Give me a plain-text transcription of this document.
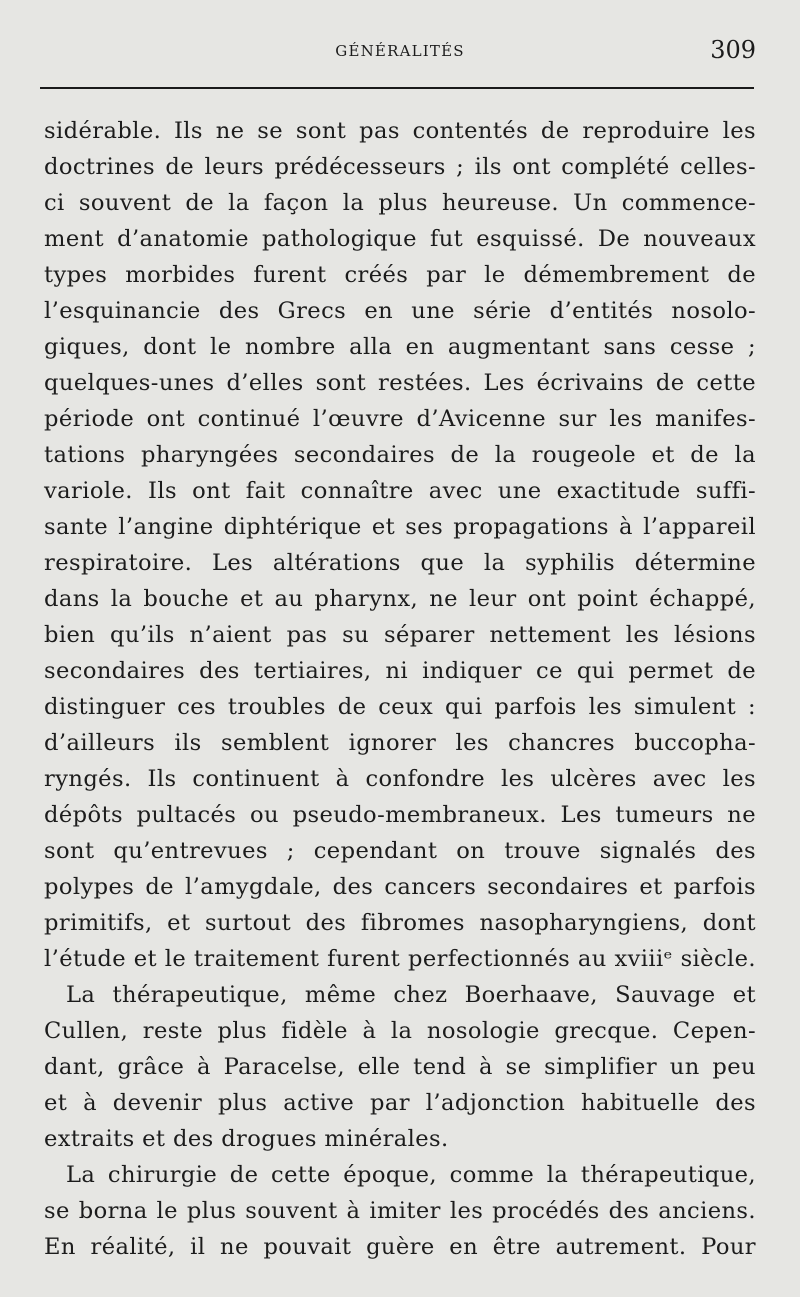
GÉNÉRALITÉS	309
sidérable. Ils ne se sont pas contentés de reproduire les
doctrines de leurs prédécesseurs ; ils ont complété celles-
ci souvent de la façon la plus heureuse. Un commence-
ment d’anatomie pathologique fut esquissé. De nouveaux
types morbides furent créés par le démembrement de
l’esquinancie des Grecs en une série d’entités nosolo-
giques, dont le nombre alla en augmentant sans cesse ;
quelques-unes d’elles sont restées. Les écrivains de cette
période ont continué l’œuvre d’Avicenne sur les manifes-
tations pharyngées secondaires de la rougeole et de la
variole. Ils ont fait connaître avec une exactitude suffi-
sante l’angine diphtérique et ses propagations à l’appareil
respiratoire. Les altérations que la syphilis détermine
dans la bouche et au pharynx, ne leur ont point échappé,
bien qu’ils n’aient pas su séparer nettement les lésions
secondaires des tertiaires, ni indiquer ce qui permet de
distinguer ces troubles de ceux qui parfois les simulent :
d’ailleurs ils semblent ignorer les chancres buccopha-
ryngés. Ils continuent à confondre les ulcères avec les
dépôts pultacés ou pseudo-membraneux. Les tumeurs ne
sont qu’entrevues ; cependant on trouve signalés des
polypes de l’amygdale, des cancers secondaires et parfois
primitifs, et surtout des fibromes nasopharyngiens, dont
l’étude et le traitement furent perfectionnés au xviiiᵉ siècle.
La thérapeutique, même chez Boerhaave, Sauvage et
Cullen, reste plus fidèle à la nosologie grecque. Cepen-
dant, grâce à Paracelse, elle tend à se simplifier un peu
et à devenir plus active par l’adjonction habituelle des
extraits et des drogues minérales.
La chirurgie de cette époque, comme la thérapeutique,
se borna le plus souvent à imiter les procédés des anciens.
En réalité, il ne pouvait guère en être autrement. Pour
